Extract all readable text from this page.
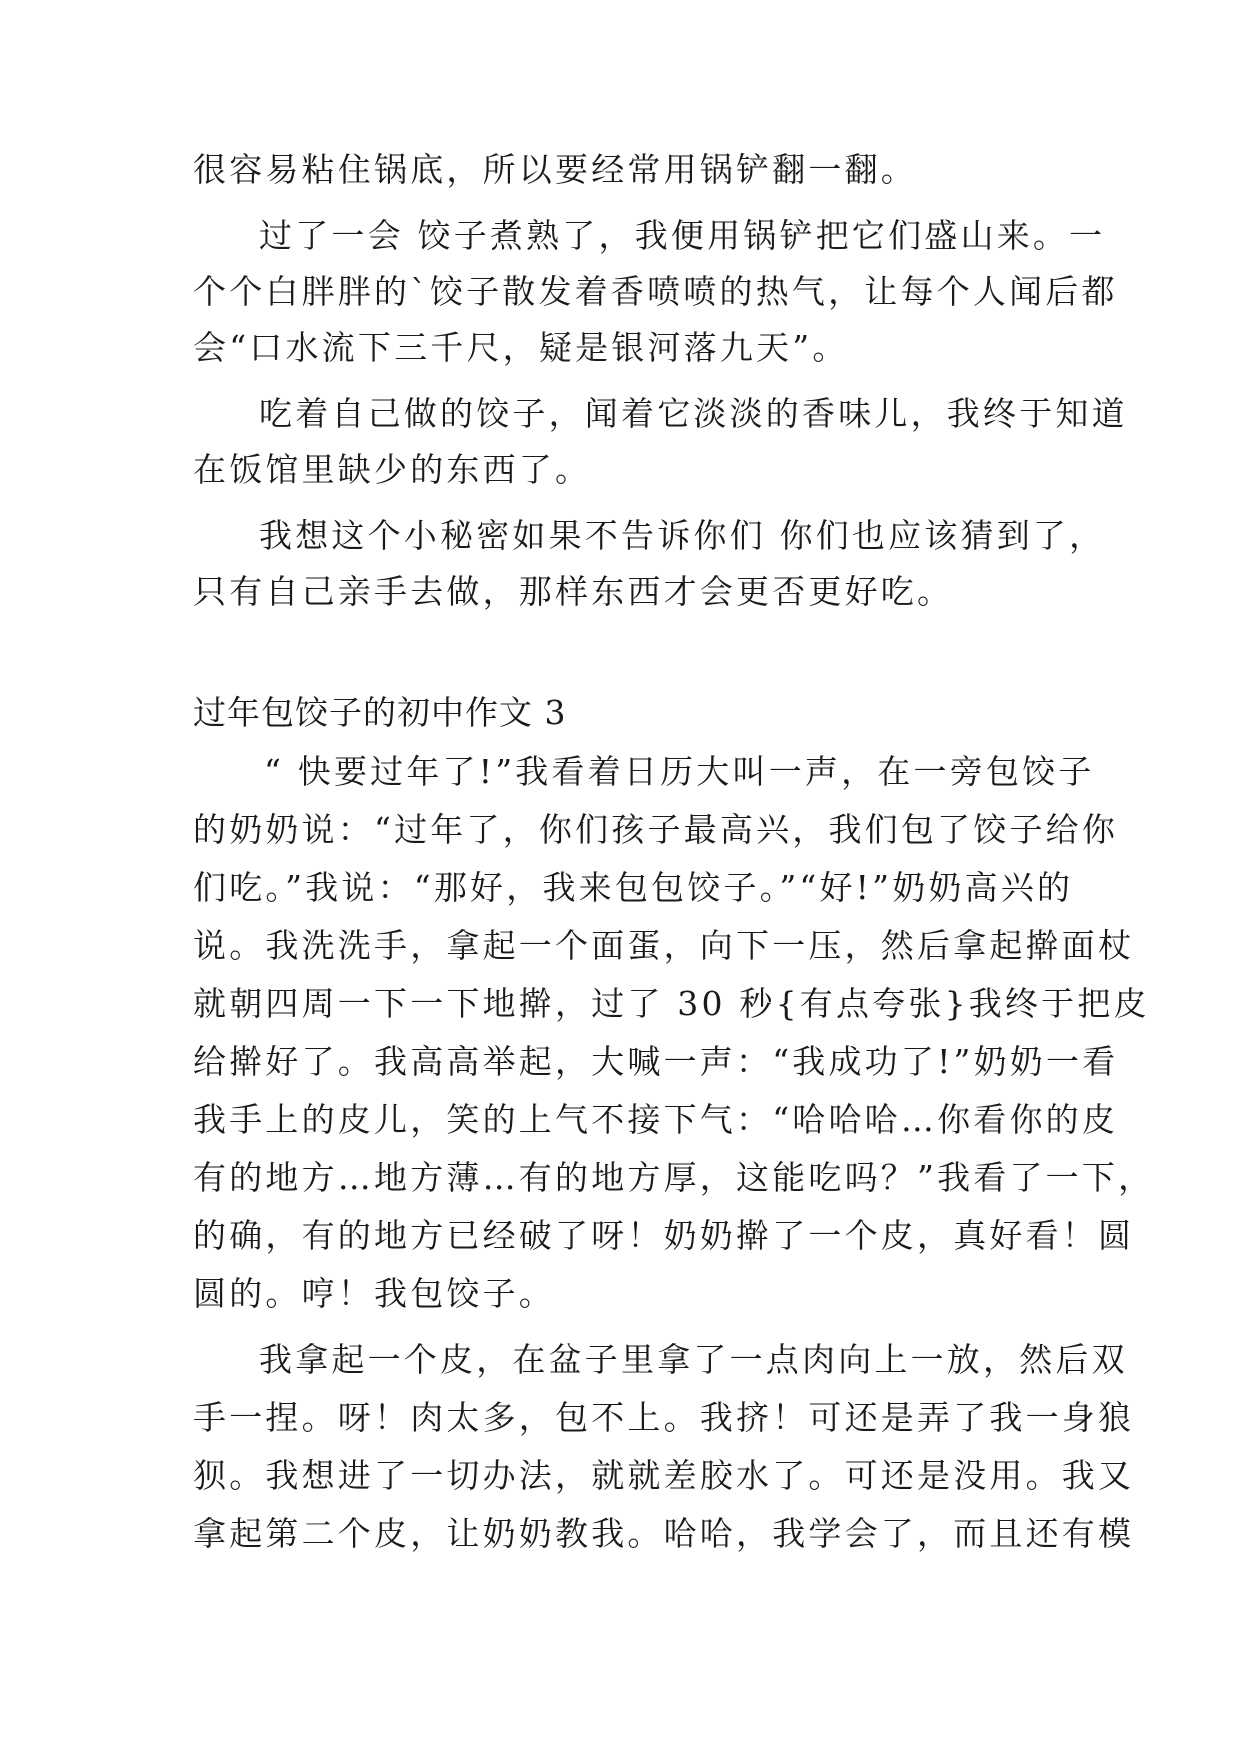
很容易粘住锅底，所以要经常用锅铲翻一翻。
过了一会 饺子煮熟了，我便用锅铲把它们盛山来。一
个个白胖胖的`饺子散发着香喷喷的热气，让每个人闻后都
会“口水流下三千尺，疑是银河落九天”。
吃着自己做的饺子，闻着它淡淡的香味儿，我终于知道
在饭馆里缺少的东西了。
我想这个小秘密如果不告诉你们 你们也应该猜到了，
只有自己亲手去做，那样东西才会更否更好吃。
过年包饺子的初中作文 3
“ 快要过年了!”我看着日历大叫一声，在一旁包饺子
的奶奶说：“过年了，你们孩子最高兴，我们包了饺子给你
们吃。”我说：“那好，我来包包饺子。”“好!”奶奶高兴的
说。我洗洗手，拿起一个面蛋，向下一压，然后拿起擀面杖
就朝四周一下一下地擀，过了 30 秒{有点夸张}我终于把皮
给擀好了。我高高举起，大喊一声：“我成功了!”奶奶一看
我手上的皮儿，笑的上气不接下气：“哈哈哈…你看你的皮
有的地方…地方薄…有的地方厚，这能吃吗？”我看了一下，
的确，有的地方已经破了呀！奶奶擀了一个皮，真好看！圆
圆的。哼！我包饺子。
我拿起一个皮，在盆子里拿了一点肉向上一放，然后双
手一捏。呀！肉太多，包不上。我挤！可还是弄了我一身狼
狈。我想进了一切办法，就就差胶水了。可还是没用。我又
拿起第二个皮，让奶奶教我。哈哈，我学会了，而且还有模
